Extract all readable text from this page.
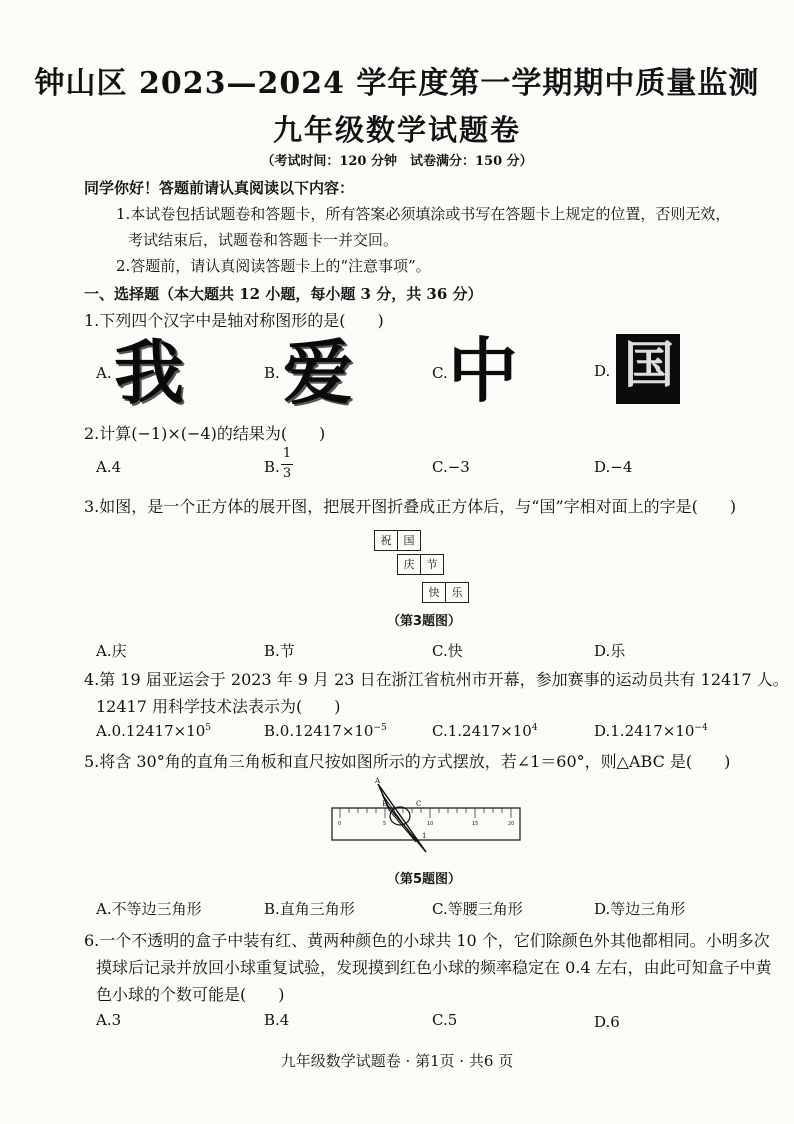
钟山区 2023—2024 学年度第一学期期中质量监测
九年级数学试题卷
（考试时间：120 分钟　试卷满分：150 分）
同学你好！答题前请认真阅读以下内容：
1.本试卷包括试题卷和答题卡，所有答案必须填涂或书写在答题卡上规定的位置，否则无效，
考试结束后，试题卷和答题卡一并交回。
2.答题前，请认真阅读答题卡上的“注意事项”。
一、选择题（本大题共 12 小题，每小题 3 分，共 36 分）
1.下列四个汉字中是轴对称图形的是(　　)
A. 我	B. 爱	C. 中	D. 国
2.计算(−1)×(−4)的结果为(　　)
A.4	B.
1
3	C.−3	D.−4
3.如图，是一个正方体的展开图，把展开图折叠成正方体后，与“国”字相对面上的字是(　　)
祝	国
庆	节
快	乐
（第3题图）
A.庆	B.节	C.快	D.乐
4.第 19 届亚运会于 2023 年 9 月 23 日在浙江省杭州市开幕，参加赛事的运动员共有 12417 人。
12417 用科学技术法表示为(　　)
$A.0.12417\times 10^5$	$B.0.12417\times 10^{-5}$	$C.1.2417\times 10^4$	$D.1.2417\times 10^{-4}$
5.将含 30°角的直角三角板和直尺按如图所示的方式摆放，若∠1＝60°，则△ABC 是(　　)
0	5	10	15	20
A
B	C
1
（第5题图）
A.不等边三角形	B.直角三角形	C.等腰三角形	D.等边三角形
6.一个不透明的盒子中装有红、黄两种颜色的小球共 10 个，它们除颜色外其他都相同。小明多次
摸球后记录并放回小球重复试验，发现摸到红色小球的频率稳定在 0.4 左右，由此可知盒子中黄
色小球的个数可能是(　　)
A.3	B.4	C.5	D.6
九年级数学试题卷 · 第1页 · 共6 页
